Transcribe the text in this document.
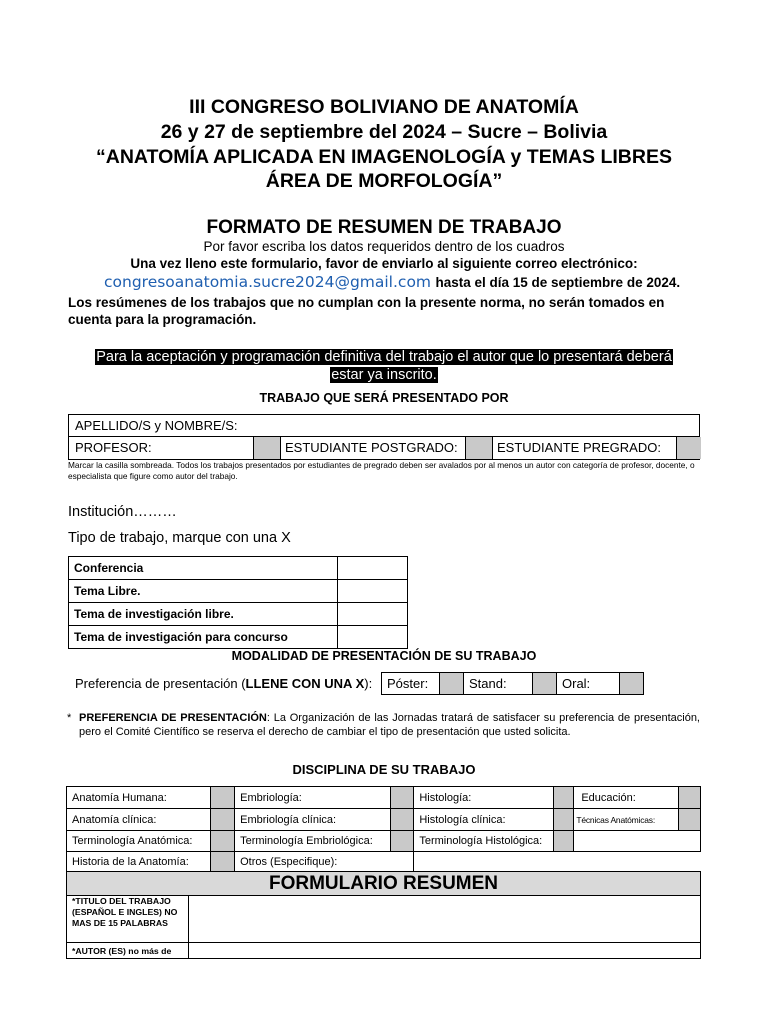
III CONGRESO BOLIVIANO DE ANATOMÍA
26 y 27 de septiembre del 2024 – Sucre – Bolivia
“ANATOMÍA APLICADA EN IMAGENOLOGÍA y TEMAS LIBRES
ÁREA DE MORFOLOGÍA”
FORMATO DE RESUMEN DE TRABAJO
Por favor escriba los datos requeridos dentro de los cuadros
Una vez lleno este formulario, favor de enviarlo al siguiente correo electrónico:
congresoanatomia.sucre2024@gmail.com hasta el día 15 de septiembre de 2024.
Los resúmenes de los trabajos que no cumplan con la presente norma, no serán tomados en cuenta para la programación.
Para la aceptación y programación definitiva del trabajo el autor que lo presentará deberá
estar ya inscrito.
TRABAJO QUE SERÁ PRESENTADO POR
APELLIDO/S y NOMBRE/S:
PROFESOR:	ESTUDIANTE POSTGRADO:	ESTUDIANTE PREGRADO:
Marcar la casilla sombreada. Todos los trabajos presentados por estudiantes de pregrado deben ser avalados por al menos un autor con categoría de profesor, docente, o especialista que figure como autor del trabajo.
Institución………
Tipo de trabajo, marque con una X
Conferencia	
Tema Libre.	
Tema de investigación libre.	
Tema de investigación para concurso	
MODALIDAD DE PRESENTACIÓN DE SU TRABAJO
Preferencia de presentación (LLENE CON UNA X): Póster:		Stand:		Oral:	
* PREFERENCIA DE PRESENTACIÓN: La Organización de las Jornadas tratará de satisfacer su preferencia de presentación, pero el Comité Científico se reserva el derecho de cambiar el tipo de presentación que usted solicita.
DISCIPLINA DE SU TRABAJO
Anatomía Humana:		Embriología:		Histología:		Educación:	
Anatomía clínica:		Embriología clínica:		Histología clínica:		Técnicas Anatómicas:	
Terminología Anatómica:		Terminología Embriológica:		Terminología Histológica:			
Historia de la Anatomía:		Otros (Especifique):					
FORMULARIO RESUMEN
*TITULO DEL TRABAJO (ESPAÑOL E INGLES) NO MAS DE 15 PALABRAS
*AUTOR (ES) no más de
